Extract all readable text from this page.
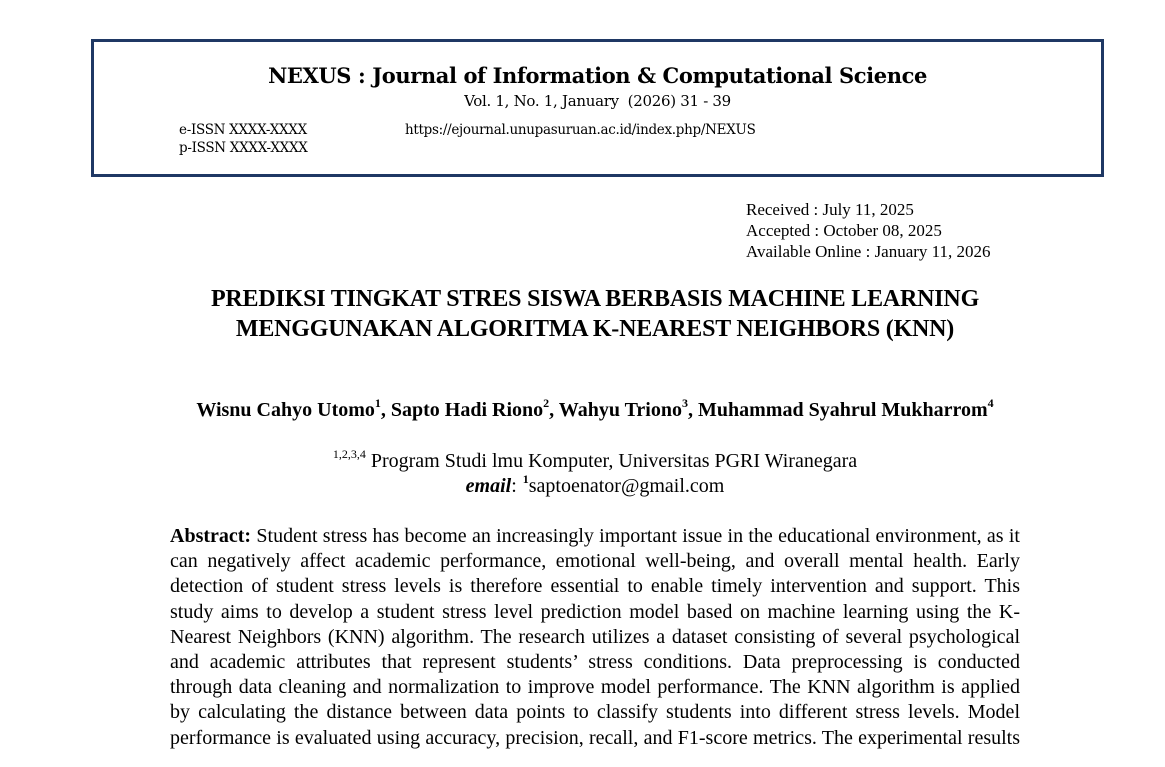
NEXUS : Journal of Information & Computational Science
Vol. 1, No. 1, January  (2026) 31 - 39
e-ISSN XXXX-XXXX
p-ISSN XXXX-XXXX
https://ejournal.unupasuruan.ac.id/index.php/NEXUS
Received : July 11, 2025
Accepted : October 08, 2025
Available Online : January 11, 2026
PREDIKSI TINGKAT STRES SISWA BERBASIS MACHINE LEARNING MENGGUNAKAN ALGORITMA K-NEAREST NEIGHBORS (KNN)
Wisnu Cahyo Utomo$^1$, Sapto Hadi Riono$^2$, Wahyu Triono$^3$, Muhammad Syahrul Mukharrom$^4$
$^{1,2,3,4}$ Program Studi lmu Komputer, Universitas PGRI Wiranegara
email: $^1$saptoenator@gmail.com
Abstract: Student stress has become an increasingly important issue in the educational environment, as it can negatively affect academic performance, emotional well-being, and overall mental health. Early detection of student stress levels is therefore essential to enable timely intervention and support. This study aims to develop a student stress level prediction model based on machine learning using the K-Nearest Neighbors (KNN) algorithm. The research utilizes a dataset consisting of several psychological and academic attributes that represent students’ stress conditions. Data preprocessing is conducted through data cleaning and normalization to improve model performance. The KNN algorithm is applied by calculating the distance between data points to classify students into different stress levels. Model performance is evaluated using accuracy, precision, recall, and F1-score metrics. The experimental results
